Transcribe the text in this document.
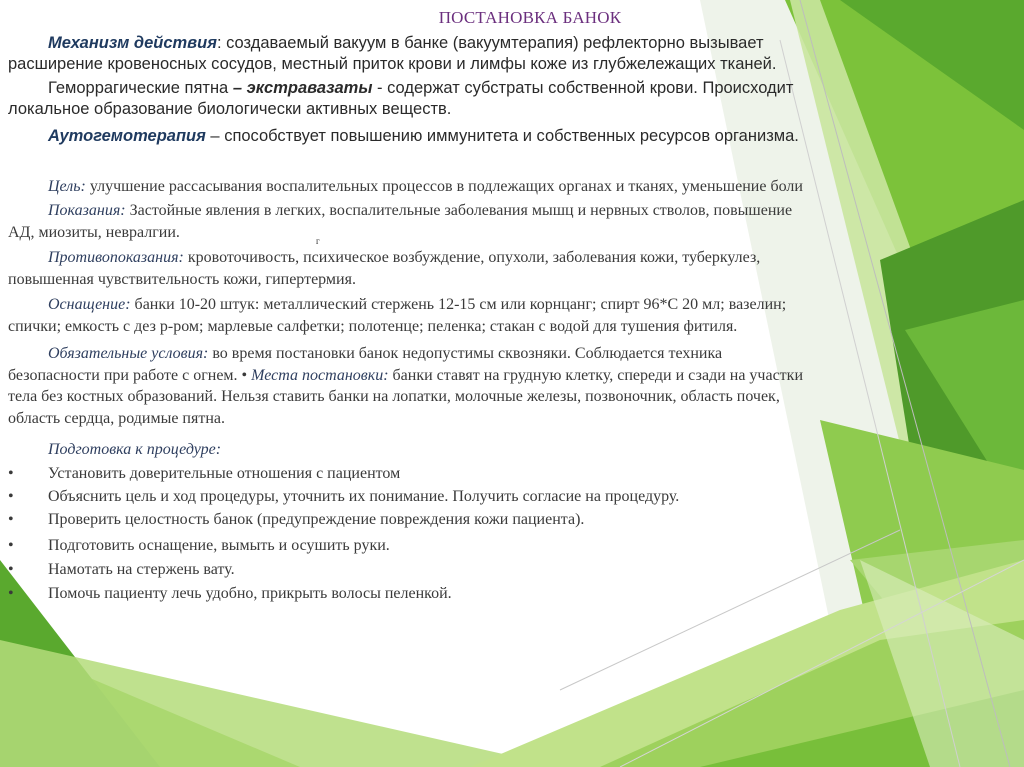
ПОСТАНОВКА БАНОК
Механизм действия: создаваемый вакуум в банке (вакуумтерапия) рефлекторно вызывает
расширение кровеносных сосудов, местный приток крови и лимфы коже из глубжележащих тканей.
Геморрагические пятна – экстравазаты - содержат субстраты собственной крови. Происходит
локальное образование биологически активных веществ.
Аутогемотерапия – способствует повышению иммунитета и собственных ресурсов организма.

Цель: улучшение рассасывания воспалительных процессов в подлежащих органах и тканях, уменьшение боли

Показания: Застойные явления в легких, воспалительные заболевания мышц и нервных стволов, повышение

АД, миозиты, невралгии.

г

Противопоказания: кровоточивость, психическое возбуждение, опухоли, заболевания кожи, туберкулез,

повышенная чувствительность кожи, гипертермия.

Оснащение: банки 10-20 штук: металлический стержень 12-15 см или корнцанг; спирт 96*С 20 мл; вазелин;

спички; емкость с дез р-ром; марлевые салфетки; полотенце; пеленка; стакан с водой для тушения фитиля.

Обязательные условия: во время постановки банок недопустимы сквозняки. Соблюдается техника

безопасности при работе с огнем. • Места постановки: банки ставят на грудную клетку, спереди и сзади на участки

тела без костных образований. Нельзя ставить банки на лопатки, молочные железы, позвоночник, область почек,

область сердца, родимые пятна.

Подготовка к процедуре:
• Установить доверительные отношения с пациентом
• Объяснить цель и ход процедуры, уточнить их понимание. Получить согласие на процедуру.
• Проверить целостность банок (предупреждение повреждения кожи пациента).
• Подготовить оснащение, вымыть и осушить руки.
• Намотать на стержень вату.
• Помочь пациенту лечь удобно, прикрыть волосы пеленкой.
